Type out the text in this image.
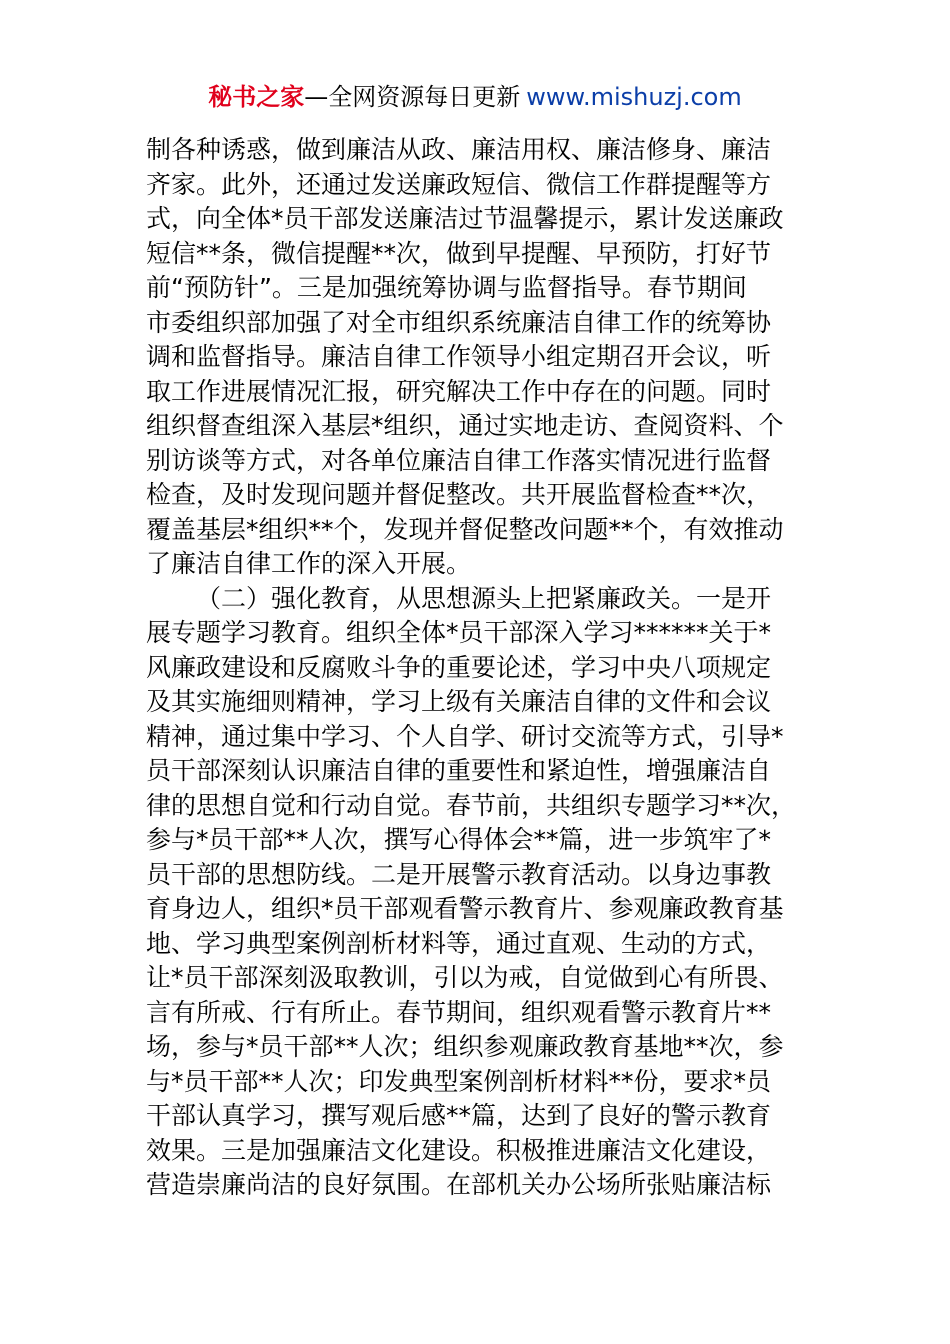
秘书之家—全网资源每日更新 www.mishuzj.com
制各种诱惑，做到廉洁从政、廉洁用权、廉洁修身、廉洁
齐家。此外，还通过发送廉政短信、微信工作群提醒等方
式，向全体*员干部发送廉洁过节温馨提示，累计发送廉政
短信**条，微信提醒**次，做到早提醒、早预防，打好节
前“预防针”。三是加强统筹协调与监督指导。春节期间
市委组织部加强了对全市组织系统廉洁自律工作的统筹协
调和监督指导。廉洁自律工作领导小组定期召开会议，听
取工作进展情况汇报，研究解决工作中存在的问题。同时
组织督查组深入基层*组织，通过实地走访、查阅资料、个
别访谈等方式，对各单位廉洁自律工作落实情况进行监督
检查，及时发现问题并督促整改。共开展监督检查**次，
覆盖基层*组织**个，发现并督促整改问题**个，有效推动
了廉洁自律工作的深入开展。
（二）强化教育，从思想源头上把紧廉政关。一是开
展专题学习教育。组织全体*员干部深入学习******关于*
风廉政建设和反腐败斗争的重要论述，学习中央八项规定
及其实施细则精神，学习上级有关廉洁自律的文件和会议
精神，通过集中学习、个人自学、研讨交流等方式，引导*
员干部深刻认识廉洁自律的重要性和紧迫性，增强廉洁自
律的思想自觉和行动自觉。春节前，共组织专题学习**次，
参与*员干部**人次，撰写心得体会**篇，进一步筑牢了*
员干部的思想防线。二是开展警示教育活动。以身边事教
育身边人，组织*员干部观看警示教育片、参观廉政教育基
地、学习典型案例剖析材料等，通过直观、生动的方式，
让*员干部深刻汲取教训，引以为戒，自觉做到心有所畏、
言有所戒、行有所止。春节期间，组织观看警示教育片**
场，参与*员干部**人次；组织参观廉政教育基地**次，参
与*员干部**人次；印发典型案例剖析材料**份，要求*员
干部认真学习，撰写观后感**篇，达到了良好的警示教育
效果。三是加强廉洁文化建设。积极推进廉洁文化建设，
营造崇廉尚洁的良好氛围。在部机关办公场所张贴廉洁标
